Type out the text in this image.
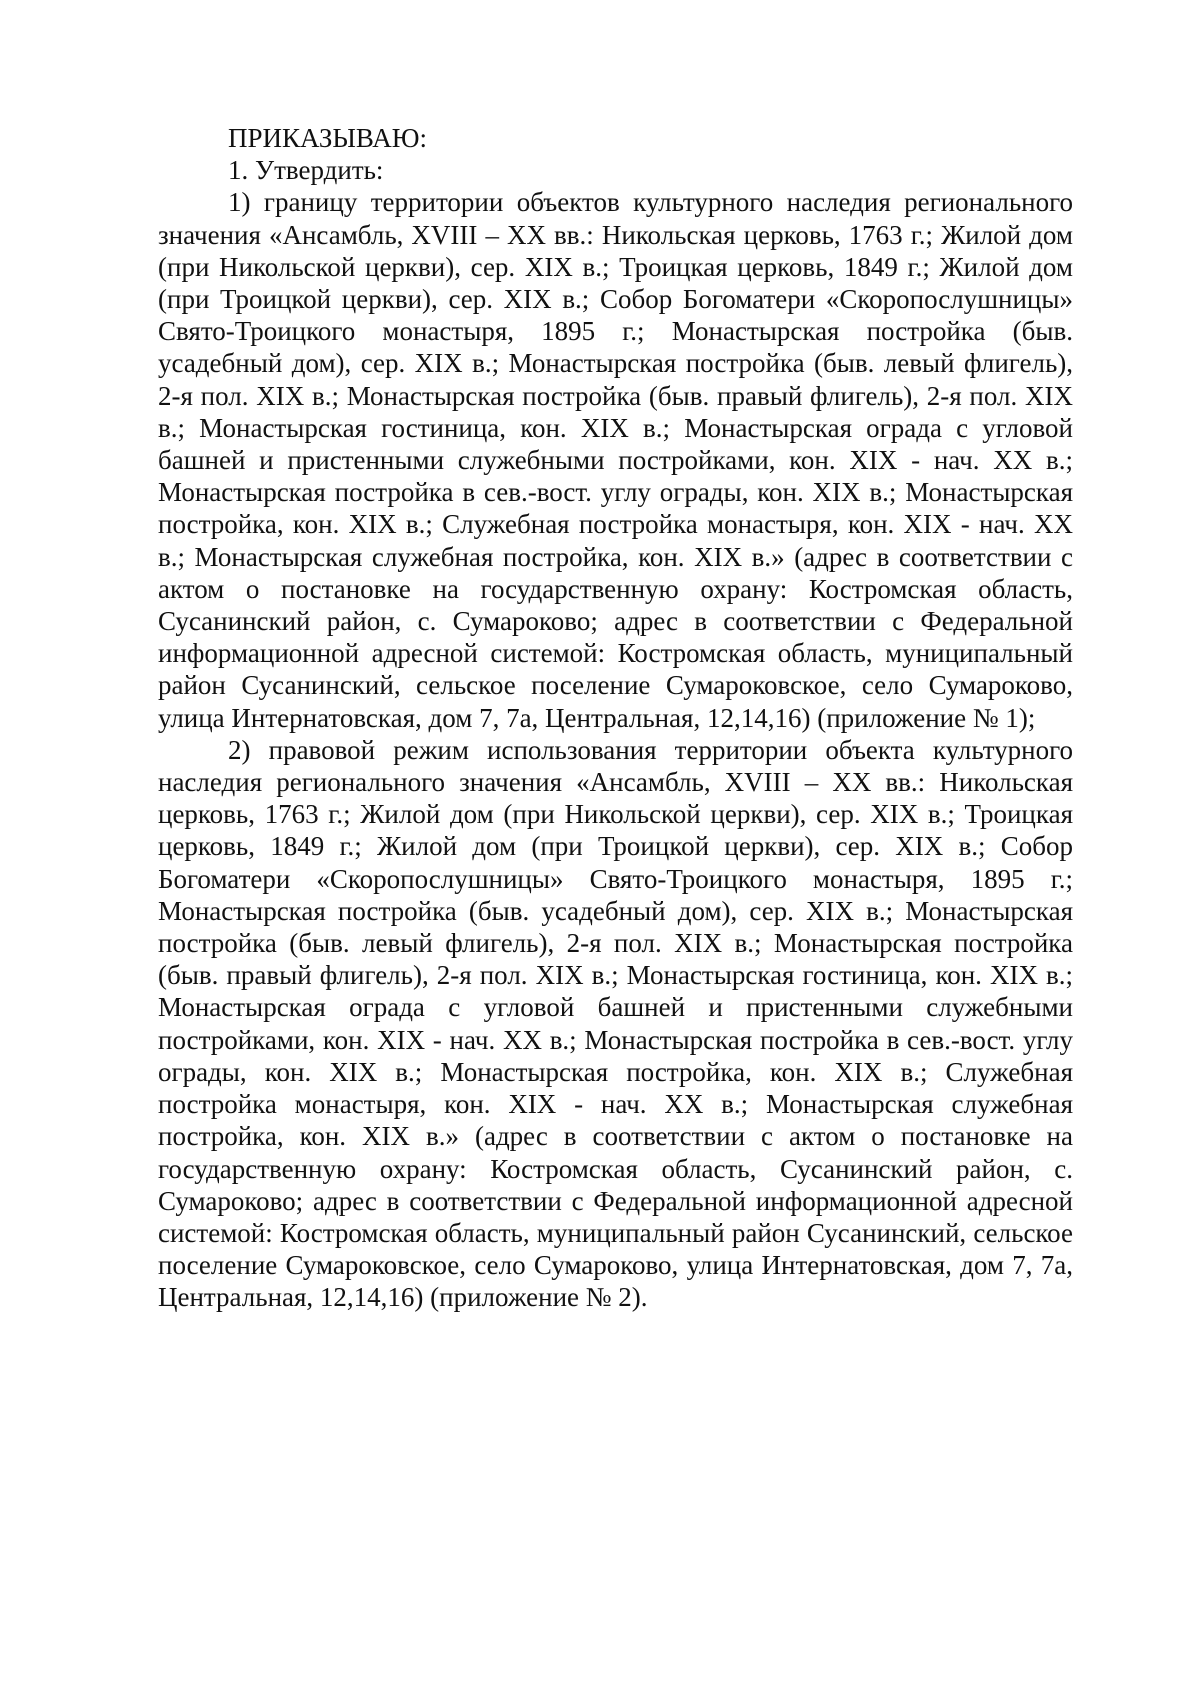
ПРИКАЗЫВАЮ:

1. Утвердить:

1) границу территории объектов культурного наследия регионального значения «Ансамбль, XVIII – XX вв.: Никольская церковь, 1763 г.; Жилой дом (при Никольской церкви), сер. XIX в.; Троицкая церковь, 1849 г.; Жилой дом (при Троицкой церкви), сер. XIX в.; Собор Богоматери «Скоропослушницы» Свято-Троицкого монастыря, 1895 г.; Монастырская постройка (быв. усадебный дом), сер. XIX в.; Монастырская постройка (быв. левый флигель), 2-я пол. XIX в.; Монастырская постройка (быв. правый флигель), 2-я пол. XIX в.; Монастырская гостиница, кон. XIX в.; Монастырская ограда с угловой башней и пристенными служебными постройками, кон. XIX - нач. XX в.; Монастырская постройка в сев.-вост. углу ограды, кон. XIX в.; Монастырская постройка, кон. XIX в.; Служебная постройка монастыря, кон. XIX - нач. XX в.; Монастырская служебная постройка, кон. XIX в.» (адрес в соответствии с актом о постановке на государственную охрану: Костромская область, Сусанинский район, с. Сумароково; адрес в соответствии с Федеральной информационной адресной системой: Костромская область, муниципальный район Сусанинский, сельское поселение Сумароковское, село Сумароково, улица Интернатовская, дом 7, 7а, Центральная, 12,14,16) (приложение № 1);

2) правовой режим использования территории объекта культурного наследия регионального значения «Ансамбль, XVIII – XX вв.: Никольская церковь, 1763 г.; Жилой дом (при Никольской церкви), сер. XIX в.; Троицкая церковь, 1849 г.; Жилой дом (при Троицкой церкви), сер. XIX в.; Собор Богоматери «Скоропослушницы» Свято-Троицкого монастыря, 1895 г.; Монастырская постройка (быв. усадебный дом), сер. XIX в.; Монастырская постройка (быв. левый флигель), 2-я пол. XIX в.; Монастырская постройка (быв. правый флигель), 2-я пол. XIX в.; Монастырская гостиница, кон. XIX в.; Монастырская ограда с угловой башней и пристенными служебными постройками, кон. XIX - нач. XX в.; Монастырская постройка в сев.-вост. углу ограды, кон. XIX в.; Монастырская постройка, кон. XIX в.; Служебная постройка монастыря, кон. XIX - нач. XX в.; Монастырская служебная постройка, кон. XIX в.» (адрес в соответствии с актом о постановке на государственную охрану: Костромская область, Сусанинский район, с. Сумароково; адрес в соответствии с Федеральной информационной адресной системой: Костромская область, муниципальный район Сусанинский, сельское поселение Сумароковское, село Сумароково, улица Интернатовская, дом 7, 7а, Центральная, 12,14,16) (приложение № 2).
